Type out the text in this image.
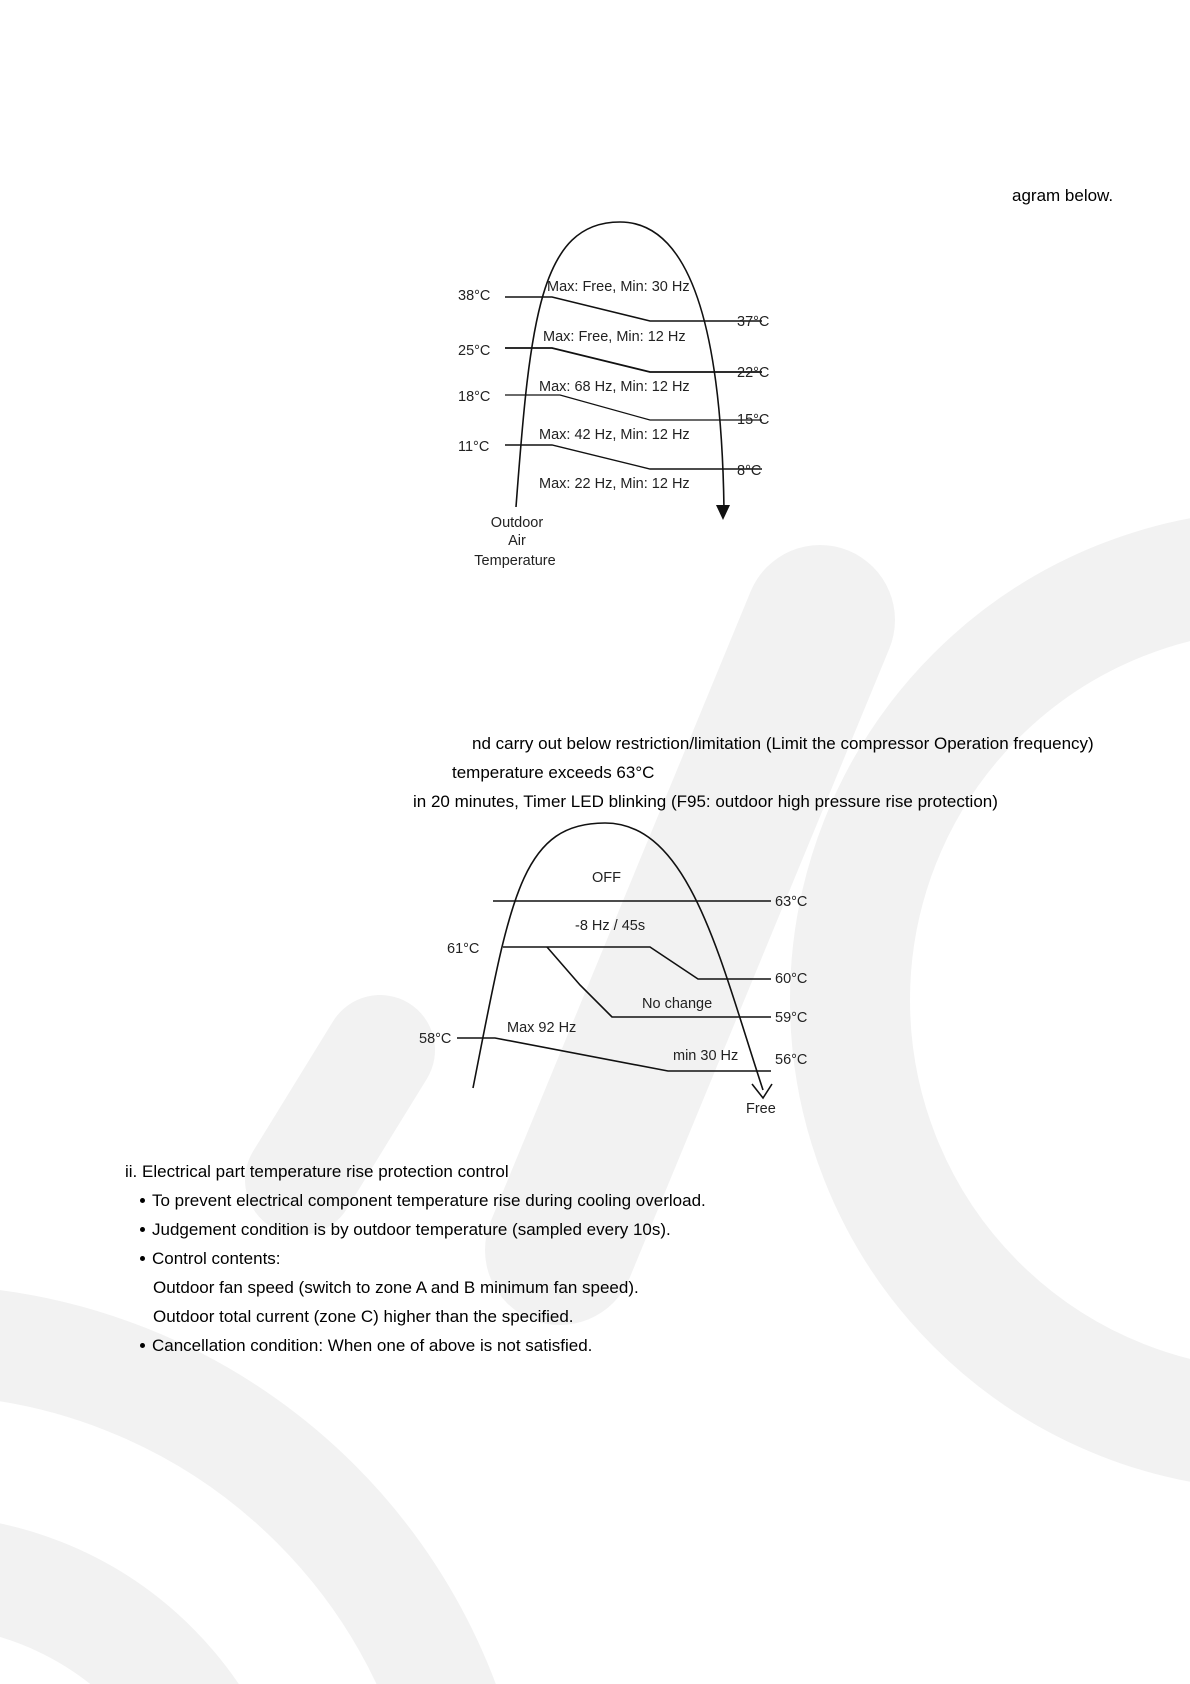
agram below.
38°C
25°C
18°C
11°C
37°C
22°C
15°C
8°C
Max: Free, Min: 30 Hz
Max: Free, Min: 12 Hz
Max: 68 Hz, Min: 12 Hz
Max: 42 Hz, Min: 12 Hz
Max: 22 Hz, Min: 12 Hz
Outdoor
Air
Temperature
nd carry out below restriction/limitation (Limit the compressor Operation frequency)
temperature exceeds 63°C
in 20 minutes, Timer LED blinking (F95: outdoor high pressure rise protection)
61°C
58°C
63°C
60°C
59°C
56°C
OFF
-8 Hz / 45s
No change
Max 92 Hz
min 30 Hz
Free
ii. Electrical part temperature rise protection control
To prevent electrical component temperature rise during cooling overload.
Judgement condition is by outdoor temperature (sampled every 10s).
Control contents:
Outdoor fan speed (switch to zone A and B minimum fan speed).
Outdoor total current (zone C) higher than the specified.
Cancellation condition: When one of above is not satisfied.
